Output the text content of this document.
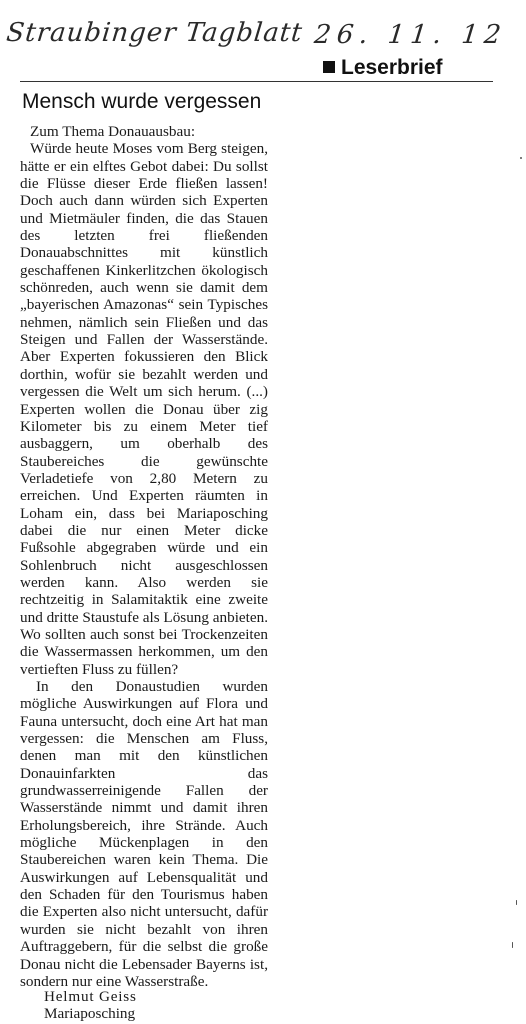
Straubinger Tagblatt 26. 11. 12
Leserbrief
Mensch wurde vergessen

Zum Thema Donauausbau:

Würde heute Moses vom Berg steigen, hätte er ein elftes Gebot dabei: Du sollst die Flüsse dieser Erde fließen lassen! Doch auch dann würden sich Experten und Mietmäuler finden, die das Stauen des letzten frei fließenden Donauabschnittes mit künstlich geschaffenen Kinkerlitzchen ökologisch schönreden, auch wenn sie damit dem „bayerischen Amazonas“ sein Typisches nehmen, nämlich sein Fließen und das Steigen und Fallen der Wasserstände. Aber Experten fokussieren den Blick dorthin, wofür sie bezahlt werden und vergessen die Welt um sich herum. (...) Experten wollen die Donau über zig Kilometer bis zu einem Meter tief ausbaggern, um oberhalb des Staubereiches die gewünschte Verladetiefe von 2,80 Metern zu erreichen. Und Experten räumten in Loham ein, dass bei Mariaposching dabei die nur einen Meter dicke Fußsohle abgegraben würde und ein Sohlenbruch nicht ausgeschlossen werden kann. Also werden sie rechtzeitig in Salamitaktik eine zweite und dritte Staustufe als Lösung anbieten. Wo sollten auch sonst bei Trockenzeiten die Wassermassen herkommen, um den vertieften Fluss zu füllen?

In den Donaustudien wurden mögliche Auswirkungen auf Flora und Fauna untersucht, doch eine Art hat man vergessen: die Menschen am Fluss, denen man mit den künstlichen Donauinfarkten das grundwasserreinigende Fallen der Wasserstände nimmt und damit ihren Erholungsbereich, ihre Strände. Auch mögliche Mückenplagen in den Staubereichen waren kein Thema. Die Auswirkungen auf Lebensqualität und den Schaden für den Tourismus haben die Experten also nicht untersucht, dafür wurden sie nicht bezahlt von ihren Auftraggebern, für die selbst die große Donau nicht die Lebensader Bayerns ist, sondern nur eine Wasserstraße.

Helmut Geiss
Mariaposching
